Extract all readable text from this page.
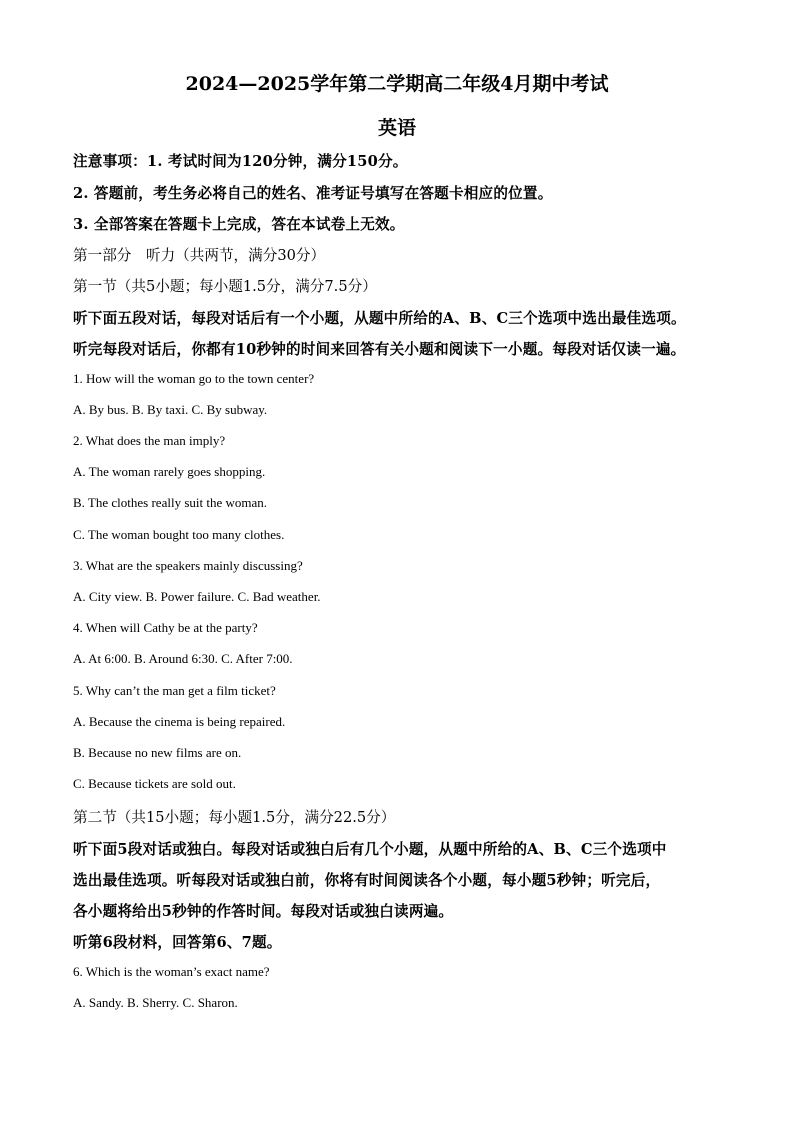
2024—2025学年第二学期高二年级4月期中考试
英语
注意事项：1. 考试时间为120分钟，满分150分。
2. 答题前，考生务必将自己的姓名、准考证号填写在答题卡相应的位置。
3. 全部答案在答题卡上完成，答在本试卷上无效。
第一部分　听力（共两节，满分30分）
第一节（共5小题；每小题1.5分，满分7.5分）
听下面五段对话，每段对话后有一个小题，从题中所给的A、B、C三个选项中选出最佳选项。
听完每段对话后，你都有10秒钟的时间来回答有关小题和阅读下一小题。每段对话仅读一遍。
1. How will the woman go to the town center?
A. By bus. B. By taxi. C. By subway.
2. What does the man imply?
A. The woman rarely goes shopping.
B. The clothes really suit the woman.
C. The woman bought too many clothes.
3. What are the speakers mainly discussing?
A. City view. B. Power failure. C. Bad weather.
4. When will Cathy be at the party?
A. At 6:00. B. Around 6:30. C. After 7:00.
5. Why can’t the man get a film ticket?
A. Because the cinema is being repaired.
B. Because no new films are on.
C. Because tickets are sold out.
第二节（共15小题；每小题1.5分，满分22.5分）
听下面5段对话或独白。每段对话或独白后有几个小题，从题中所给的A、B、C三个选项中
选出最佳选项。听每段对话或独白前，你将有时间阅读各个小题，每小题5秒钟；听完后，
各小题将给出5秒钟的作答时间。每段对话或独白读两遍。
听第6段材料，回答第6、7题。
6. Which is the woman’s exact name?
A. Sandy. B. Sherry. C. Sharon.
